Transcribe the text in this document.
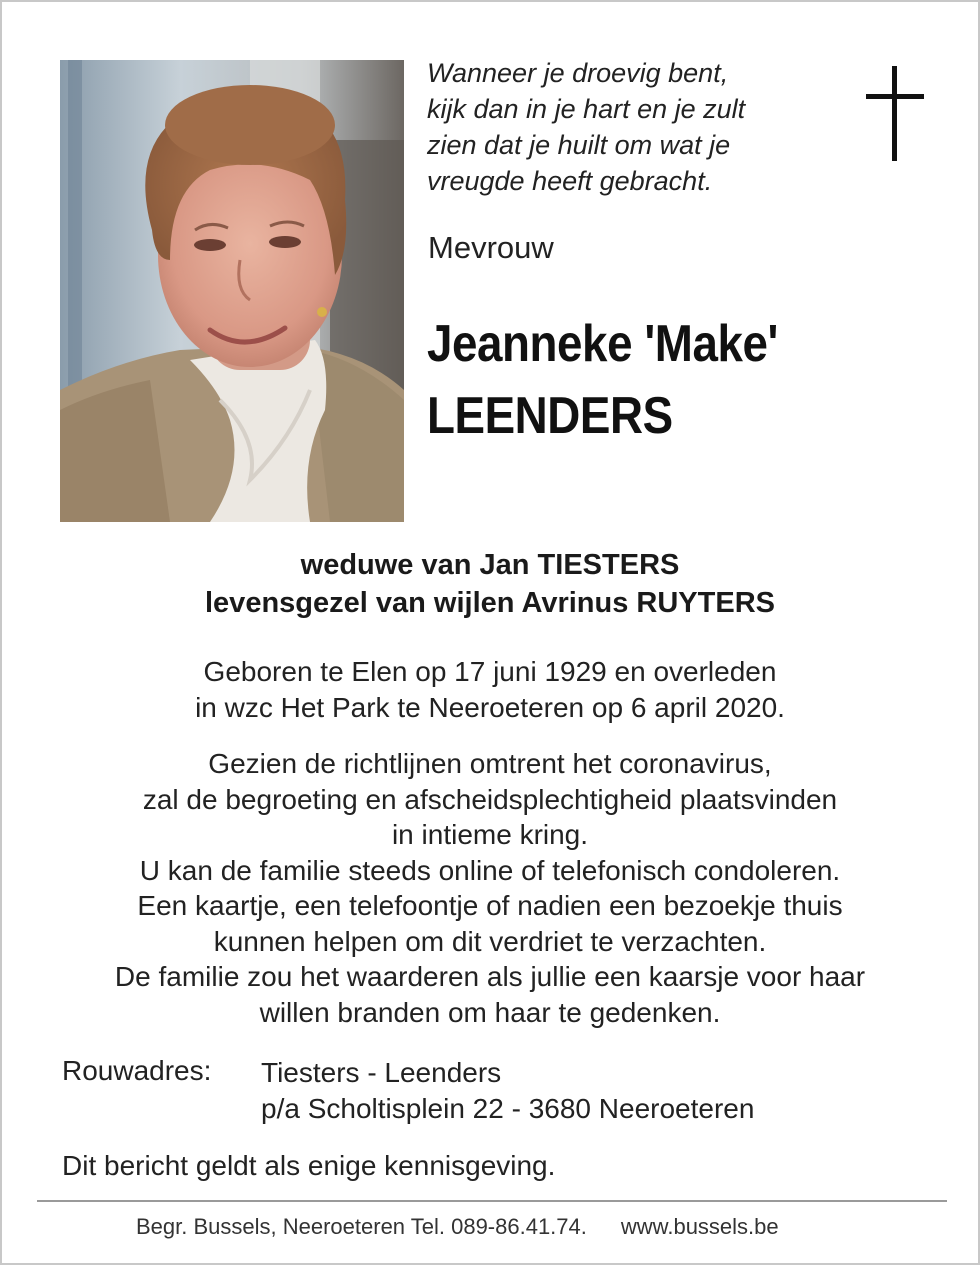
Wanneer je droevig bent,
kijk dan in je hart en je zult
zien dat je huilt om wat je
vreugde heeft gebracht.
Mevrouw
Jeanneke 'Make'
LEENDERS
weduwe van Jan TIESTERS
levensgezel van wijlen Avrinus RUYTERS
Geboren te Elen op 17 juni 1929 en overleden
in wzc Het Park te Neeroeteren op 6 april 2020.
Gezien de richtlijnen omtrent het coronavirus,
zal de begroeting en afscheidsplechtigheid plaatsvinden
in intieme kring.
U kan de familie steeds online of telefonisch condoleren.
Een kaartje, een telefoontje of nadien een bezoekje thuis
kunnen helpen om dit verdriet te verzachten.
De familie zou het waarderen als jullie een kaarsje voor haar
willen branden om haar te gedenken.
Rouwadres: Tiesters - Leenders
p/a Scholtisplein 22 - 3680 Neeroeteren
Dit bericht geldt als enige kennisgeving.
Begr. Bussels, Neeroeteren Tel. 089-86.41.74. www.bussels.be
